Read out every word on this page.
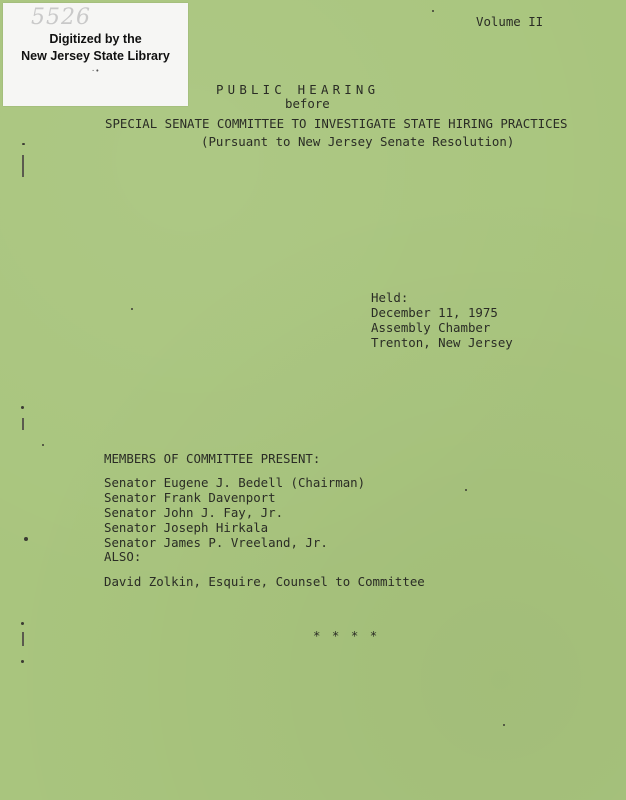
5526
Digitized by the
New Jersey State Library
·•
Volume II
PUBLIC HEARING
before
SPECIAL SENATE COMMITTEE TO INVESTIGATE STATE HIRING PRACTICES
(Pursuant to New Jersey Senate Resolution)
Held:
December 11, 1975
Assembly Chamber
Trenton, New Jersey
MEMBERS OF COMMITTEE PRESENT:
Senator Eugene J. Bedell (Chairman)
Senator Frank Davenport
Senator John J. Fay, Jr.
Senator Joseph Hirkala
Senator James P. Vreeland, Jr.
ALSO:
David Zolkin, Esquire, Counsel to Committee
* * * *
